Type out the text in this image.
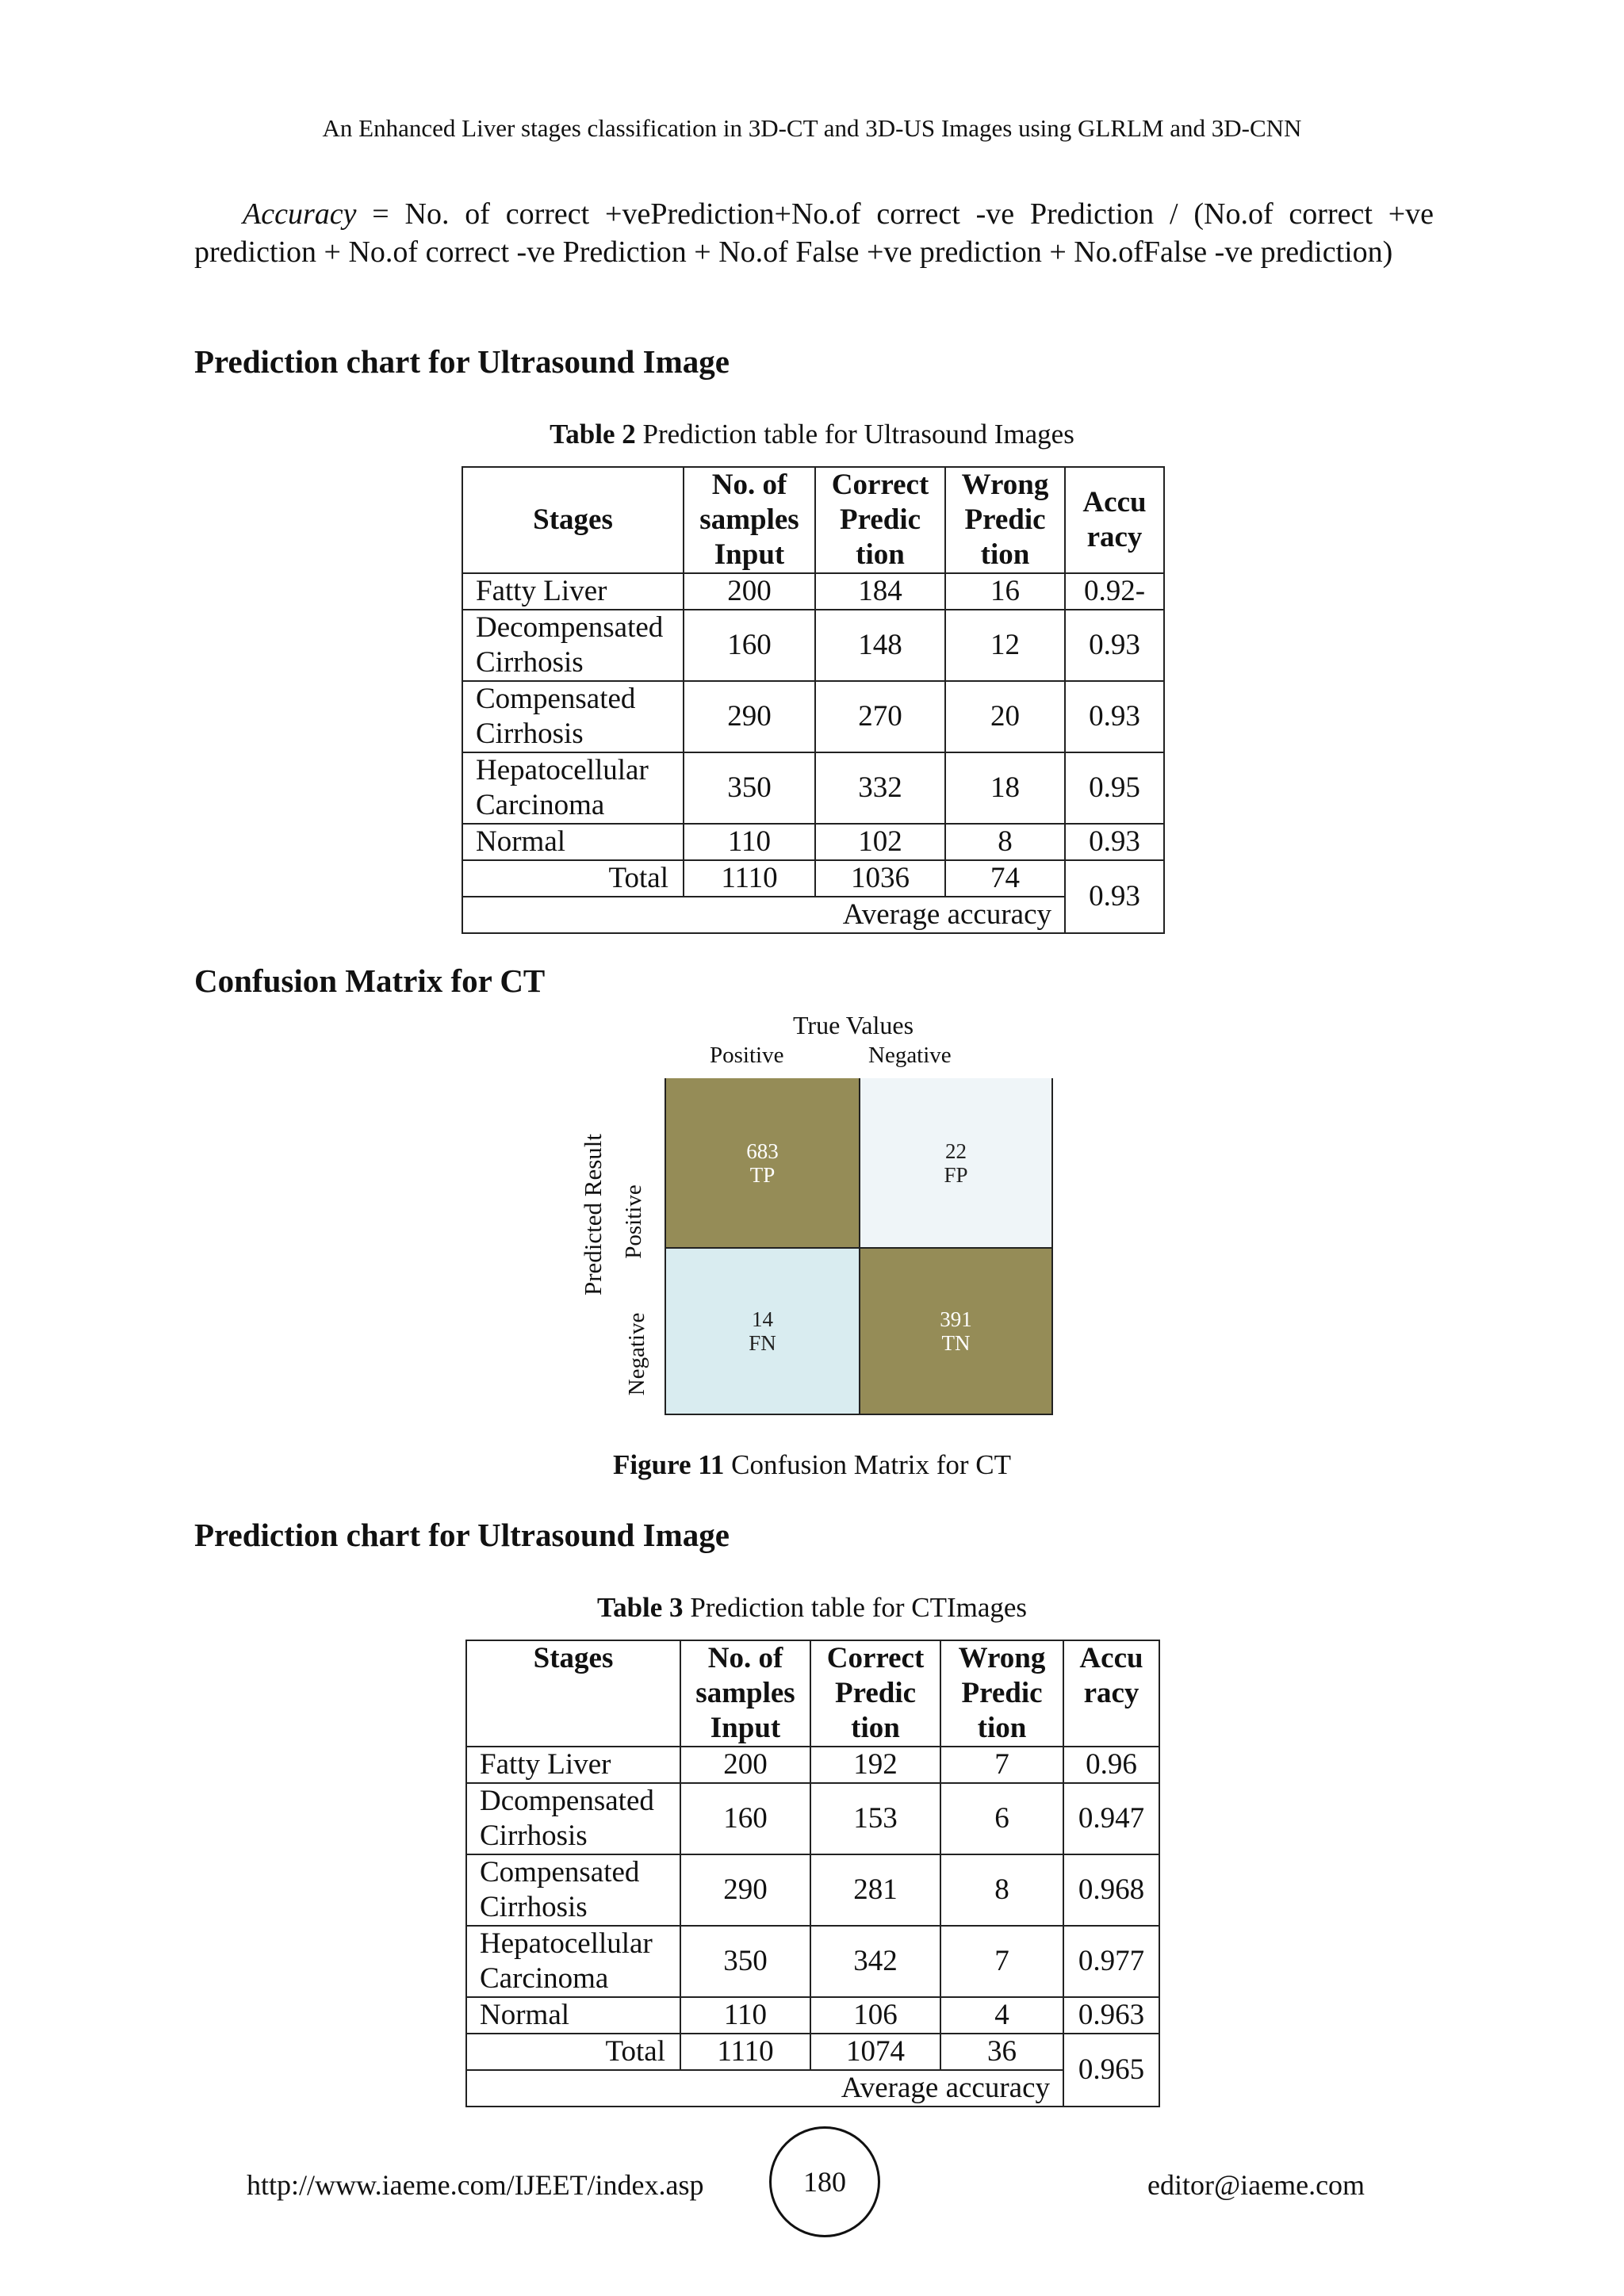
An Enhanced Liver stages classification in 3D-CT and 3D-US Images using GLRLM and 3D-CNN
Accuracy = No. of correct +vePrediction+No.of correct -ve Prediction / (No.of correct +ve prediction + No.of correct -ve Prediction + No.of False +ve prediction + No.ofFalse -ve prediction)
Prediction chart for Ultrasound Image
Table 2 Prediction table for Ultrasound Images
Stages	No. of samples Input	Correct Predic tion	Wrong Predic tion	Accu racy
Fatty Liver	200	184	16	0.92-
Decompensated Cirrhosis	160	148	12	0.93
Compensated Cirrhosis	290	270	20	0.93
Hepatocellular Carcinoma	350	332	18	0.95
Normal	110	102	8	0.93
Total	1110	1036	74	0.93
Average accuracy				
Confusion Matrix for CT
True Values
Positive	Negative
Predicted Result Positive
Negative
683
TP
22
FP
14
FN
391
TN
Figure 11 Confusion Matrix for CT
Prediction chart for Ultrasound Image
Table 3 Prediction table for CTImages
Stages	No. of samples Input	Correct Predic tion	Wrong Predic tion	Accu racy
Fatty Liver	200	192	7	0.96
Dcompensated Cirrhosis	160	153	6	0.947
Compensated Cirrhosis	290	281	8	0.968
Hepatocellular Carcinoma	350	342	7	0.977
Normal	110	106	4	0.963
Total	1110	1074	36	0.965
Average accuracy				
http://www.iaeme.com/IJEET/index.asp	180	editor@iaeme.com
